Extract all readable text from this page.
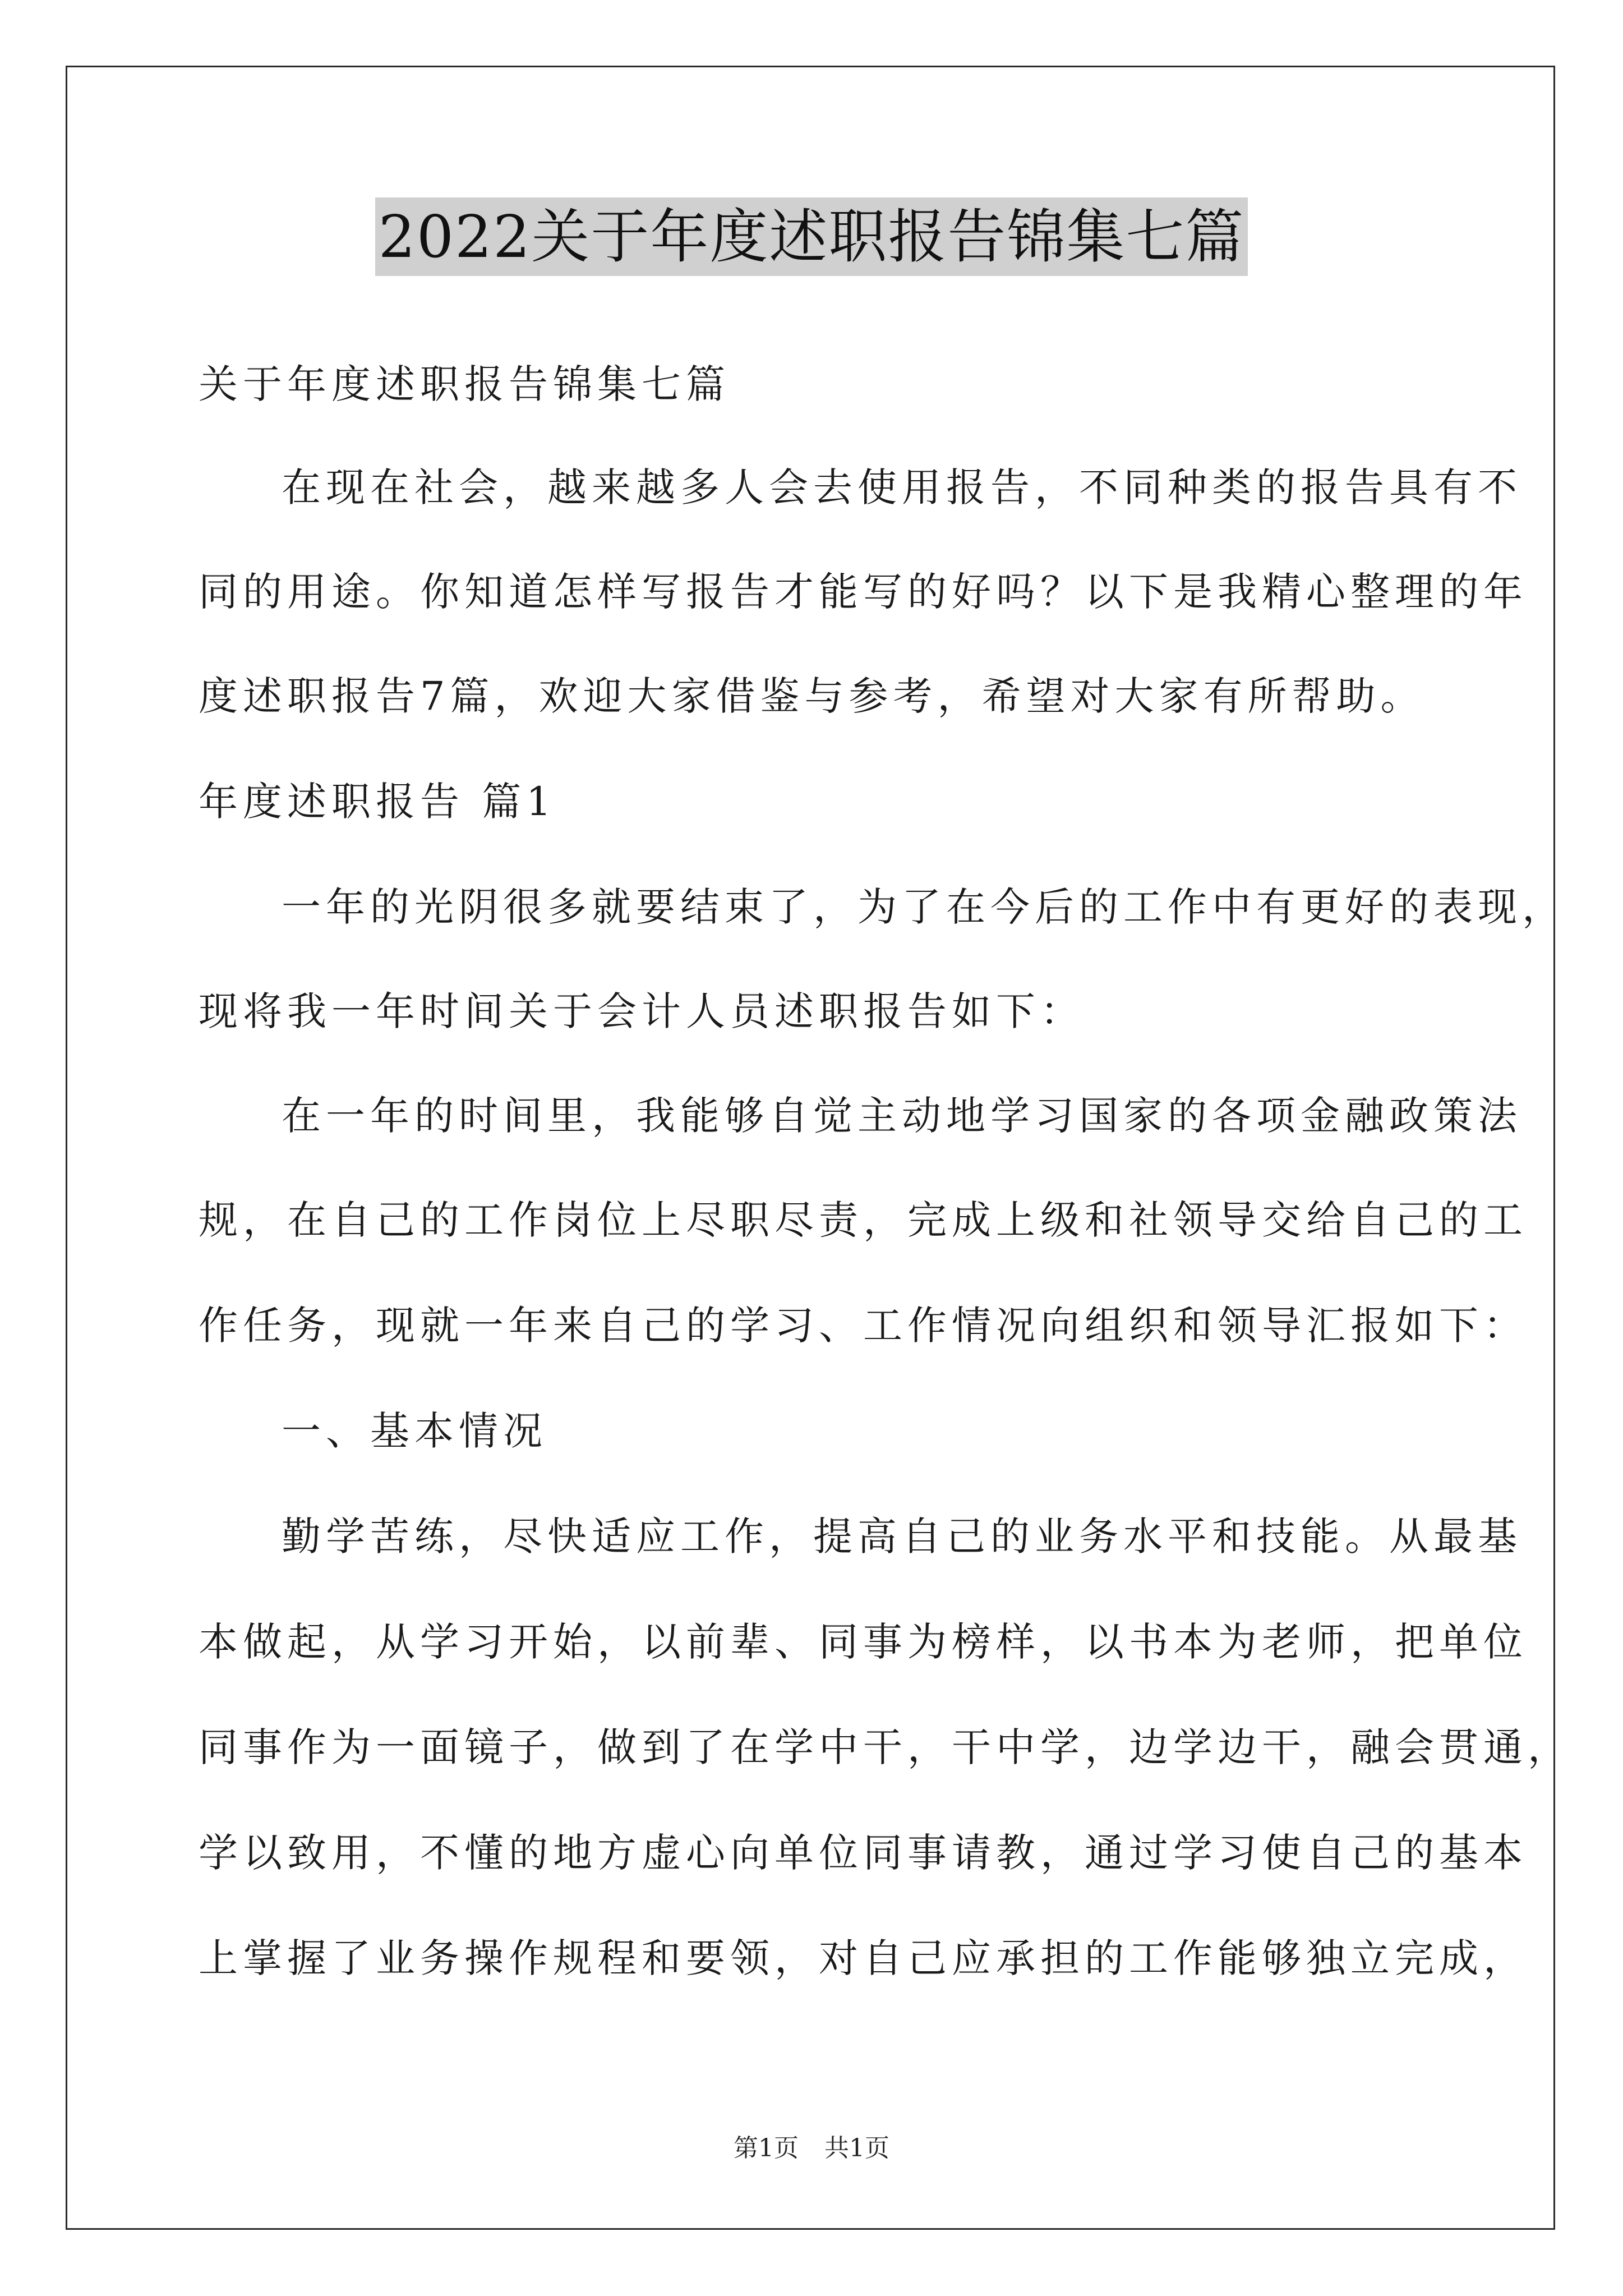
2022关于年度述职报告锦集七篇
关于年度述职报告锦集七篇
在现在社会，越来越多人会去使用报告，不同种类的报告具有不
同的用途。你知道怎样写报告才能写的好吗？以下是我精心整理的年
度述职报告7篇，欢迎大家借鉴与参考，希望对大家有所帮助。
年度述职报告 篇1
一年的光阴很多就要结束了，为了在今后的工作中有更好的表现，
现将我一年时间关于会计人员述职报告如下：
在一年的时间里，我能够自觉主动地学习国家的各项金融政策法
规，在自己的工作岗位上尽职尽责，完成上级和社领导交给自己的工
作任务，现就一年来自己的学习、工作情况向组织和领导汇报如下：
一、基本情况
勤学苦练，尽快适应工作，提高自己的业务水平和技能。从最基
本做起，从学习开始，以前辈、同事为榜样，以书本为老师，把单位
同事作为一面镜子，做到了在学中干，干中学，边学边干，融会贯通，
学以致用，不懂的地方虚心向单位同事请教，通过学习使自己的基本
上掌握了业务操作规程和要领，对自己应承担的工作能够独立完成，
第1页 共1页
